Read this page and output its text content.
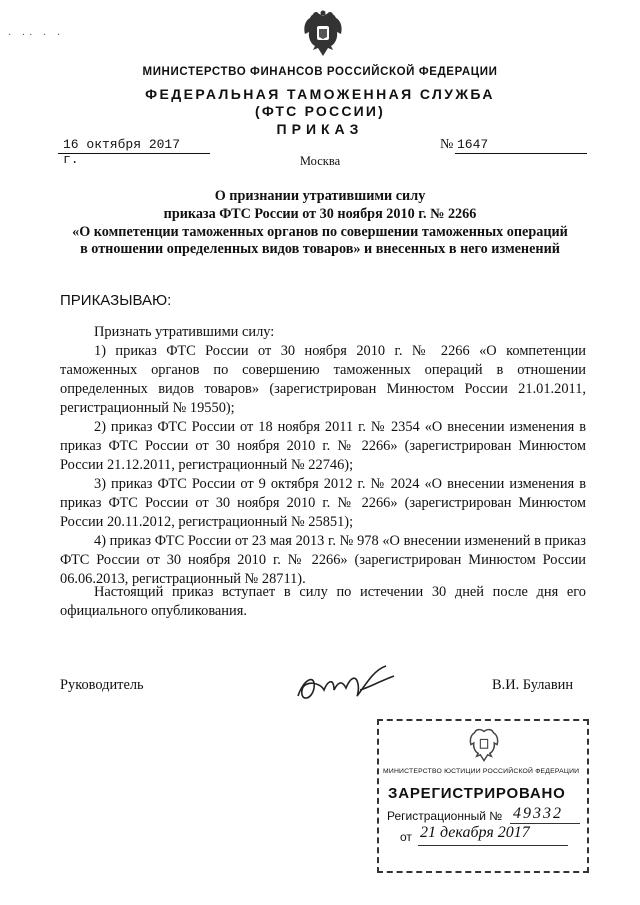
· ·· · ·
МИНИСТЕРСТВО ФИНАНСОВ РОССИЙСКОЙ ФЕДЕРАЦИИ
ФЕДЕРАЛЬНАЯ ТАМОЖЕННАЯ СЛУЖБА
(ФТС РОССИИ)
ПРИКАЗ
16 октября 2017 г.
№ 1647
Москва
О признании утратившими силу
приказа ФТС России от 30 ноября 2010 г. № 2266
«О компетенции таможенных органов по совершении таможенных операций
в отношении определенных видов товаров» и внесенных в него изменений
ПРИКАЗЫВАЮ:

Признать утратившими силу:

1) приказ ФТС России от 30 ноября 2010 г. № 2266 «О компетенции таможенных органов по совершению таможенных операций в отношении определенных видов товаров» (зарегистрирован Минюстом России 21.01.2011, регистрационный № 19550);

2) приказ ФТС России от 18 ноября 2011 г. № 2354 «О внесении изменения в приказ ФТС России от 30 ноября 2010 г. № 2266» (зарегистрирован Минюстом России 21.12.2011, регистрационный № 22746);

3) приказ ФТС России от 9 октября 2012 г. № 2024 «О внесении изменения в приказ ФТС России от 30 ноября 2010 г. № 2266» (зарегистрирован Минюстом России 20.11.2012, регистрационный № 25851);

4) приказ ФТС России от 23 мая 2013 г. № 978 «О внесении изменений в приказ ФТС России от 30 ноября 2010 г. № 2266» (зарегистрирован Минюстом России 06.06.2013, регистрационный № 28711).

Настоящий приказ вступает в силу по истечении 30 дней после дня его официального опубликования.

Руководитель	В.И. Булавин
МИНИСТЕРСТВО ЮСТИЦИИ РОССИЙСКОЙ ФЕДЕРАЦИИ
ЗАРЕГИСТРИРОВАНО
Регистрационный № 49332
от 21 декабря 2017
